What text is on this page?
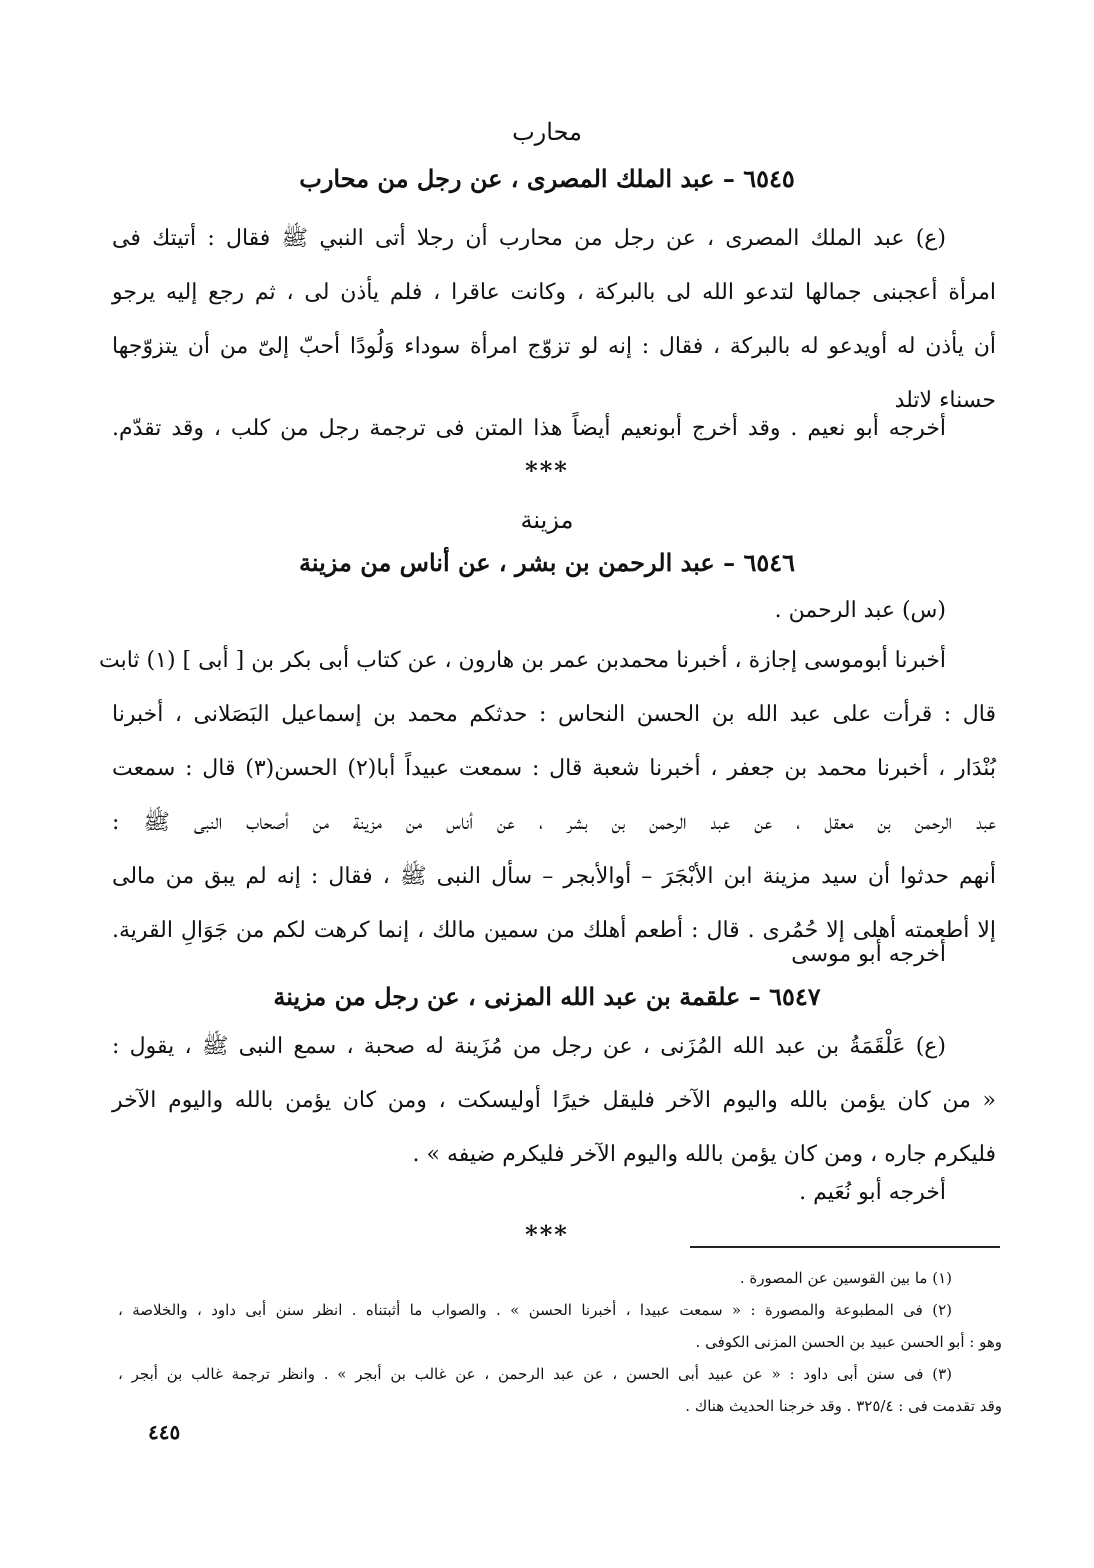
محارب
٦٥٤٥ – عبد الملك المصرى ، عن رجل من محارب
(ع) عبد الملك المصرى ، عن رجل من محارب أن رجلا أتى النبي ﷺ فقال : أتيتك فى
امرأة أعجبنى جمالها لتدعو الله لى بالبركة ، وكانت عاقرا ، فلم يأذن لى ، ثم رجع إليه يرجو
أن يأذن له أويدعو له بالبركة ، فقال : إنه لو تزوّج امرأة سوداء وَلُودًا أحبّ إلىّ من أن يتزوّجها
حسناء لاتلد
أخرجه أبو نعيم . وقد أخرج أبونعيم أيضاً هذا المتن فى ترجمة رجل من كلب ، وقد تقدّم.
***
مزينة
٦٥٤٦ – عبد الرحمن بن بشر ، عن أناس من مزينة
(س) عبد الرحمن .
أخبرنا أبوموسى إجازة ، أخبرنا محمدبن عمر بن هارون ، عن كتاب أبى بكر بن [ أبى ] (١) ثابت
قال : قرأت على عبد الله بن الحسن النحاس : حدثكم محمد بن إسماعيل البَصَلانى ، أخبرنا
بُنْدَار ، أخبرنا محمد بن جعفر ، أخبرنا شعبة قال : سمعت عبيداً أبا(٢) الحسن(٣) قال : سمعت
عبد الرحمن بن معقل ، عن عبد الرحمن بن بشر ، عن أناس من مزينة من أصحاب النبى ﷺ :
أنهم حدثوا أن سيد مزينة ابن الأبْجَرَ – أوالأبجر – سأل النبى ﷺ ، فقال : إنه لم يبق من مالى
إلا أطعمته أهلى إلا حُمُرى . قال : أطعم أهلك من سمين مالك ، إنما كرهت لكم من جَوَالِ القرية.
أخرجه أبو موسى
٦٥٤٧ – علقمة بن عبد الله المزنى ، عن رجل من مزينة
(ع) عَلْقَمَةُ بن عبد الله المُزَنى ، عن رجل من مُزَينة له صحبة ، سمع النبى ﷺ ، يقول :
« من كان يؤمن بالله واليوم الآخر فليقل خيرًا أوليسكت ، ومن كان يؤمن بالله واليوم الآخر
فليكرم جاره ، ومن كان يؤمن بالله واليوم الآخر فليكرم ضيفه » .
أخرجه أبو نُعَيم .
***
(١) ما بين القوسين عن المصورة .
(٢) فى المطبوعة والمصورة : « سمعت عبيدا ، أخبرنا الحسن » . والصواب ما أثبتناه . انظر سنن أبى داود ، والخلاصة ،
وهو : أبو الحسن عبيد بن الحسن المزنى الكوفى .
(٣) فى سنن أبى داود : « عن عبيد أبى الحسن ، عن عبد الرحمن ، عن غالب بن أبجر » . وانظر ترجمة غالب بن أبجر ،
وقد تقدمت فى : ٣٢٥/٤ . وقد خرجنا الحديث هناك .
٤٤٥
